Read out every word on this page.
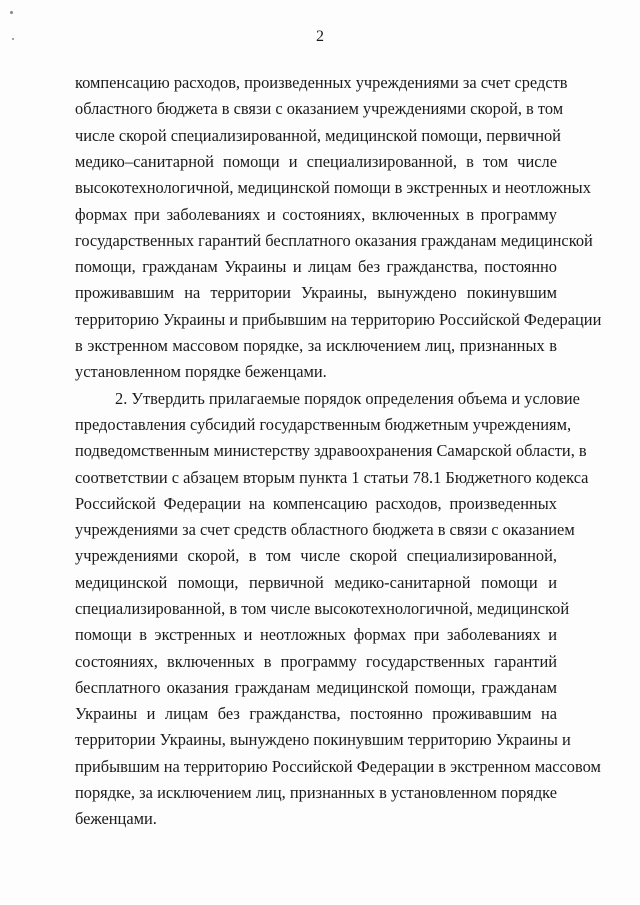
2
компенсацию расходов, произведенных учреждениями за счет средств
областного бюджета в связи с оказанием учреждениями скорой, в том
числе скорой специализированной, медицинской помощи, первичной
медико–санитарной помощи и специализированной, в том числе
высокотехнологичной, медицинской помощи в экстренных и неотложных
формах при заболеваниях и состояниях, включенных в программу
государственных гарантий бесплатного оказания гражданам медицинской
помощи, гражданам Украины и лицам без гражданства, постоянно
проживавшим на территории Украины, вынуждено покинувшим
территорию Украины и прибывшим на территорию Российской Федерации
в экстренном массовом порядке, за исключением лиц, признанных в
установленном порядке беженцами.
2. Утвердить прилагаемые порядок определения объема и условие
предоставления субсидий государственным бюджетным учреждениям,
подведомственным министерству здравоохранения Самарской области, в
соответствии с абзацем вторым пункта 1 статьи 78.1 Бюджетного кодекса
Российской Федерации на компенсацию расходов, произведенных
учреждениями за счет средств областного бюджета в связи с оказанием
учреждениями скорой, в том числе скорой специализированной,
медицинской помощи, первичной медико-санитарной помощи и
специализированной, в том числе высокотехнологичной, медицинской
помощи в экстренных и неотложных формах при заболеваниях и
состояниях, включенных в программу государственных гарантий
бесплатного оказания гражданам медицинской помощи, гражданам
Украины и лицам без гражданства, постоянно проживавшим на
территории Украины, вынуждено покинувшим территорию Украины и
прибывшим на территорию Российской Федерации в экстренном массовом
порядке, за исключением лиц, признанных в установленном порядке
беженцами.
